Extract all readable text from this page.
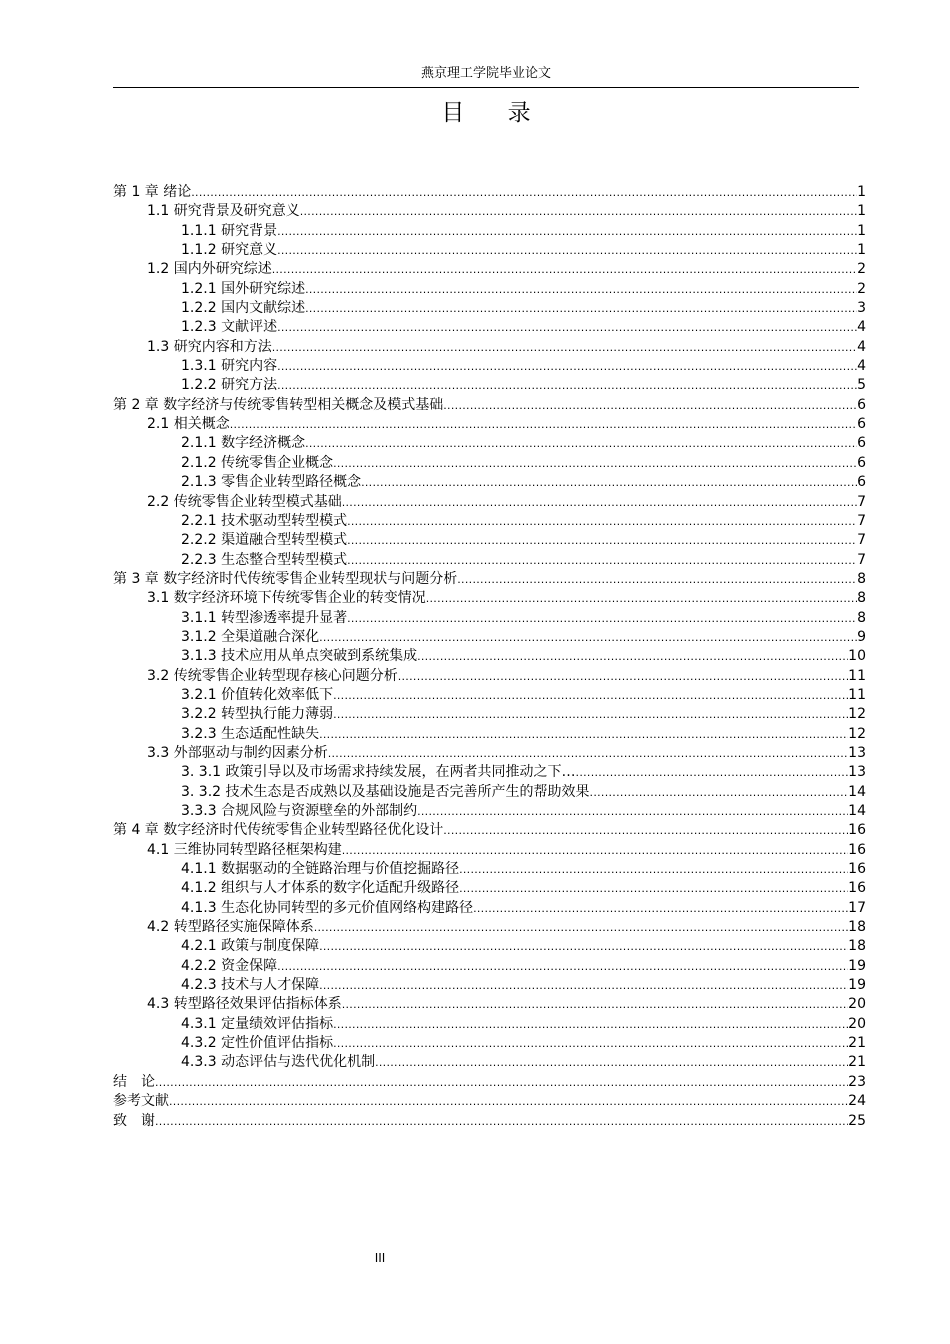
燕京理工学院毕业论文
目 录
第 1 章 绪论 .....	1
1.1 研究背景及研究意义 .....	1
1.1.1 研究背景 .....	1
1.1.2 研究意义 .....	1
1.2 国内外研究综述 .....	2
1.2.1 国外研究综述 .....	2
1.2.2 国内文献综述 .....	3
1.2.3 文献评述 .....	4
1.3 研究内容和方法 .....	4
1.3.1 研究内容 .....	4
1.2.2 研究方法 .....	5
第 2 章 数字经济与传统零售转型相关概念及模式基础 .....	6
2.1 相关概念 .....	6
2.1.1 数字经济概念 .....	6
2.1.2 传统零售企业概念 .....	6
2.1.3 零售企业转型路径概念 .....	6
2.2 传统零售企业转型模式基础 .....	7
2.2.1 技术驱动型转型模式 .....	7
2.2.2 渠道融合型转型模式 .....	7
2.2.3 生态整合型转型模式 .....	7
第 3 章 数字经济时代传统零售企业转型现状与问题分析 .....	8
3.1 数字经济环境下传统零售企业的转变情况 .....	8
3.1.1 转型渗透率提升显著 .....	8
3.1.2 全渠道融合深化 .....	9
3.1.3 技术应用从单点突破到系统集成 .....	10
3.2 传统零售企业转型现存核心问题分析 .....	11
3.2.1 价值转化效率低下 .....	11
3.2.2 转型执行能力薄弱 .....	12
3.2.3 生态适配性缺失 .....	12
3.3 外部驱动与制约因素分析 .....	13
3. 3.1 政策引导以及市场需求持续发展，在两者共同推动之下… .....	13
3. 3.2 技术生态是否成熟以及基础设施是否完善所产生的帮助效果 .....	14
3.3.3 合规风险与资源壁垒的外部制约 .....	14
第 4 章 数字经济时代传统零售企业转型路径优化设计 .....	16
4.1 三维协同转型路径框架构建 .....	16
4.1.1 数据驱动的全链路治理与价值挖掘路径 .....	16
4.1.2 组织与人才体系的数字化适配升级路径 .....	16
4.1.3 生态化协同转型的多元价值网络构建路径 .....	17
4.2 转型路径实施保障体系 .....	18
4.2.1 政策与制度保障 .....	18
4.2.2 资金保障 .....	19
4.2.3 技术与人才保障 .....	19
4.3 转型路径效果评估指标体系 .....	20
4.3.1 定量绩效评估指标 .....	20
4.3.2 定性价值评估指标 .....	21
4.3.3 动态评估与迭代优化机制 .....	21
结　论 .....	23
参考文献 .....	24
致　谢 .....	25
III
